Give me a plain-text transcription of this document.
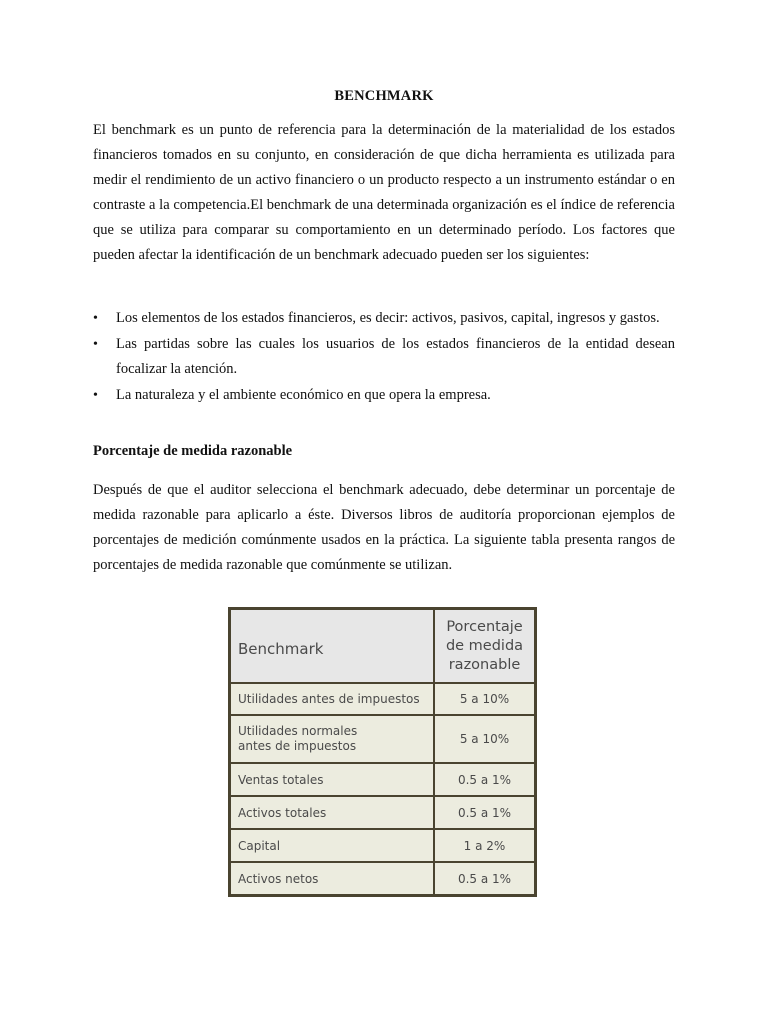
BENCHMARK

El benchmark es un punto de referencia para la determinación de la materialidad de los estados financieros tomados en su conjunto, en consideración de que dicha herramienta es utilizada para medir el rendimiento de un activo financiero o un producto respecto a un instrumento estándar o en contraste a la competencia.El benchmark de una determinada organización es el índice de referencia que se utiliza para comparar su comportamiento en un determinado período. Los factores que pueden afectar la identificación de un benchmark adecuado pueden ser los siguientes:

• Los elementos de los estados financieros, es decir: activos, pasivos, capital, ingresos y gastos.
• Las partidas sobre las cuales los usuarios de los estados financieros de la entidad desean focalizar la atención.
• La naturaleza y el ambiente económico en que opera la empresa.
Porcentaje de medida razonable

Después de que el auditor selecciona el benchmark adecuado, debe determinar un porcentaje de medida razonable para aplicarlo a éste. Diversos libros de auditoría proporcionan ejemplos de porcentajes de medición comúnmente usados en la práctica. La siguiente tabla presenta rangos de porcentajes de medida razonable que comúnmente se utilizan.

Benchmark	Porcentaje
de medida
razonable

Utilidades antes de impuestos	5 a 10%

Utilidades normales
antes de impuestos	5 a 10%
Ventas totales	0.5 a 1%
Activos totales	0.5 a 1%
Capital	1 a 2%
Activos netos	0.5 a 1%
